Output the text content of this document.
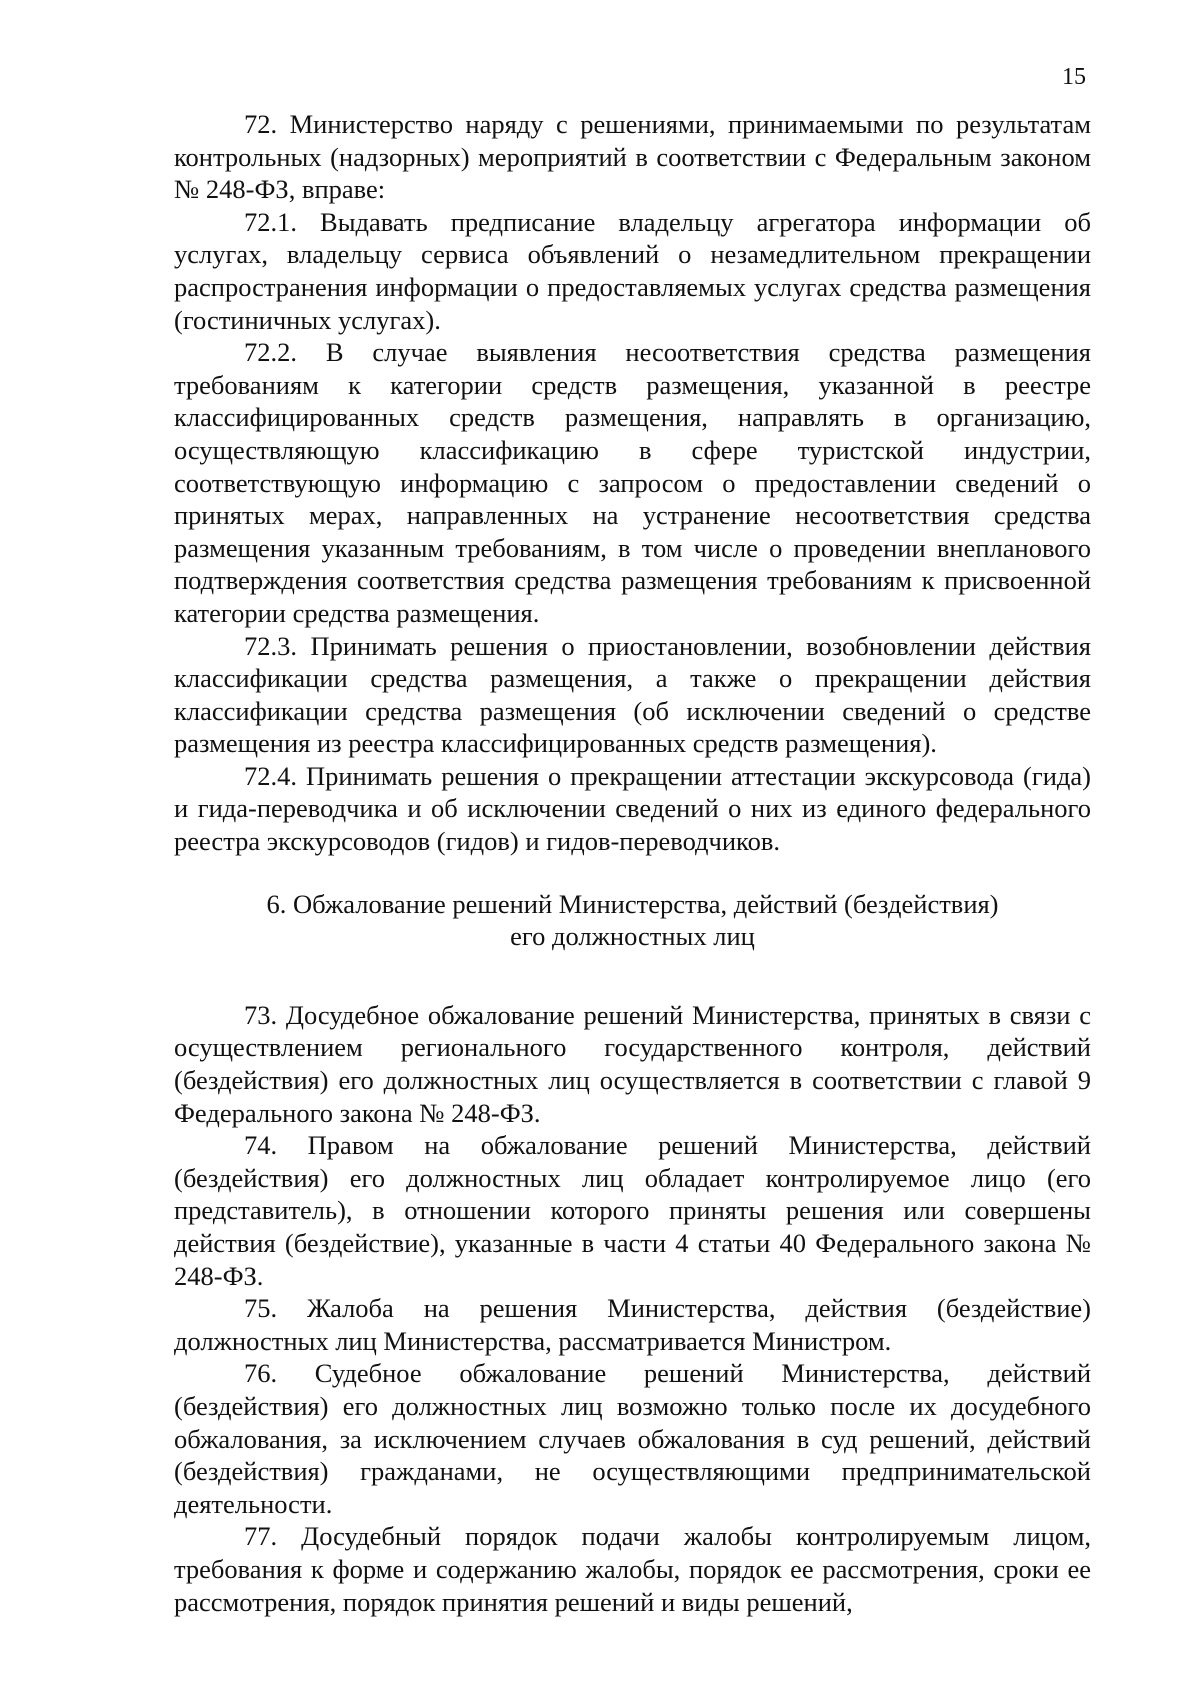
15

72. Министерство наряду с решениями, принимаемыми по результатам контрольных (надзорных) мероприятий в соответствии с Федеральным законом № 248-ФЗ, вправе:

72.1. Выдавать предписание владельцу агрегатора информации об услугах, владельцу сервиса объявлений о незамедлительном прекращении распространения информации о предоставляемых услугах средства размещения (гостиничных услугах).

72.2. В случае выявления несоответствия средства размещения требованиям к категории средств размещения, указанной в реестре классифицированных средств размещения, направлять в организацию, осуществляющую классификацию в сфере туристской индустрии, соответствующую информацию с запросом о предоставлении сведений о принятых мерах, направленных на устранение несоответствия средства размещения указанным требованиям, в том числе о проведении внепланового подтверждения соответствия средства размещения требованиям к присвоенной категории средства размещения.

72.3. Принимать решения о приостановлении, возобновлении действия классификации средства размещения, а также о прекращении действия классификации средства размещения (об исключении сведений о средстве размещения из реестра классифицированных средств размещения).

72.4. Принимать решения о прекращении аттестации экскурсовода (гида) и гида-переводчика и об исключении сведений о них из единого федерального реестра экскурсоводов (гидов) и гидов-переводчиков.

6. Обжалование решений Министерства, действий (бездействия)
его должностных лиц

73. Досудебное обжалование решений Министерства, принятых в связи с осуществлением регионального государственного контроля, действий (бездействия) его должностных лиц осуществляется в соответствии с главой 9 Федерального закона № 248-ФЗ.

74. Правом на обжалование решений Министерства, действий (бездействия) его должностных лиц обладает контролируемое лицо (его представитель), в отношении которого приняты решения или совершены действия (бездействие), указанные в части 4 статьи 40 Федерального закона № 248-ФЗ.

75. Жалоба на решения Министерства, действия (бездействие) должностных лиц Министерства, рассматривается Министром.

76. Судебное обжалование решений Министерства, действий (бездействия) его должностных лиц возможно только после их досудебного обжалования, за исключением случаев обжалования в суд решений, действий (бездействия) гражданами, не осуществляющими предпринимательской деятельности.

77. Досудебный порядок подачи жалобы контролируемым лицом, требования к форме и содержанию жалобы, порядок ее рассмотрения, сроки ее рассмотрения, порядок принятия решений и виды решений,
